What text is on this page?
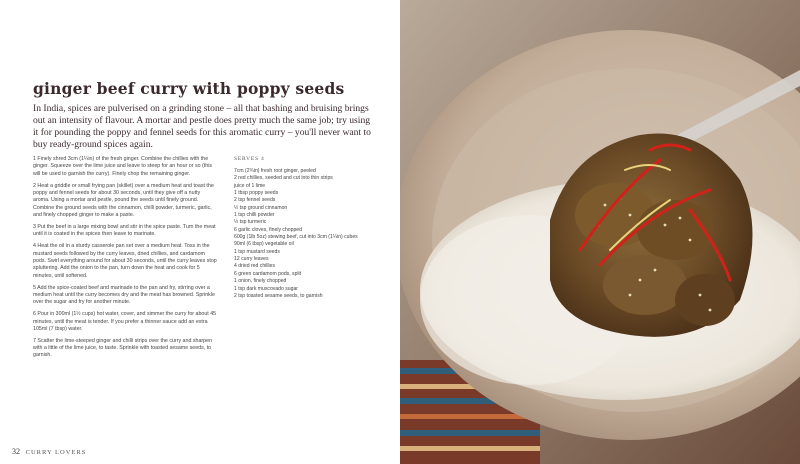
ginger beef curry with poppy seeds

In India, spices are pulverised on a grinding stone – all that bashing and bruising brings out an intensity of flavour. A mortar and pestle does pretty much the same job; try using it for pounding the poppy and fennel seeds for this aromatic curry – you'll never want to buy ready-ground spices again.

1 Finely shred 3cm (1¼in) of the fresh ginger. Combine the chillies with the ginger. Squeeze over the lime juice and leave to steep for an hour or so (this will be used to garnish the curry). Finely chop the remaining ginger.

2 Heat a griddle or small frying pan (skillet) over a medium heat and toast the poppy and fennel seeds for about 30 seconds, until they give off a nutty aroma. Using a mortar and pestle, pound the seeds until finely ground. Combine the ground seeds with the cinnamon, chilli powder, turmeric, garlic, and finely chopped ginger to make a paste.

3 Put the beef in a large mixing bowl and stir in the spice paste. Turn the meat until it is coated in the spices then leave to marinate.

4 Heat the oil in a sturdy casserole pan set over a medium heat. Toss in the mustard seeds followed by the curry leaves, dried chillies, and cardamom pods. Swirl everything around for about 30 seconds, until the curry leaves stop spluttering. Add the onion to the pan, turn down the heat and cook for 5 minutes, until softened.

5 Add the spice-coated beef and marinade to the pan and fry, stirring over a medium heat until the curry becomes dry and the meat has browned. Sprinkle over the sugar and fry for another minute.

6 Pour in 300ml (1½ cups) hot water, cover, and simmer the curry for about 45 minutes, until the meat is tender. If you prefer a thinner sauce add an extra 105ml (7 tbsp) water.

7 Scatter the lime-steeped ginger and chilli strips over the curry and sharpen with a little of the lime juice, to taste. Sprinkle with toasted sesame seeds, to garnish.

SERVES 4
7cm (2¾in) fresh root ginger, peeled
2 red chillies, seeded and cut into thin strips
juice of 1 lime
1 tbsp poppy seeds
2 tsp fennel seeds
½ tsp ground cinnamon
1 tsp chilli powder
½ tsp turmeric
6 garlic cloves, finely chopped
600g (1lb 5oz) stewing beef, cut into 3cm (1¼in) cubes
90ml (6 tbsp) vegetable oil
1 tsp mustard seeds
12 curry leaves
4 dried red chillies
6 green cardamom pods, split
1 onion, finely chopped
1 tsp dark muscovado sugar
2 tsp toasted sesame seeds, to garnish
32 CURRY LOVERS
